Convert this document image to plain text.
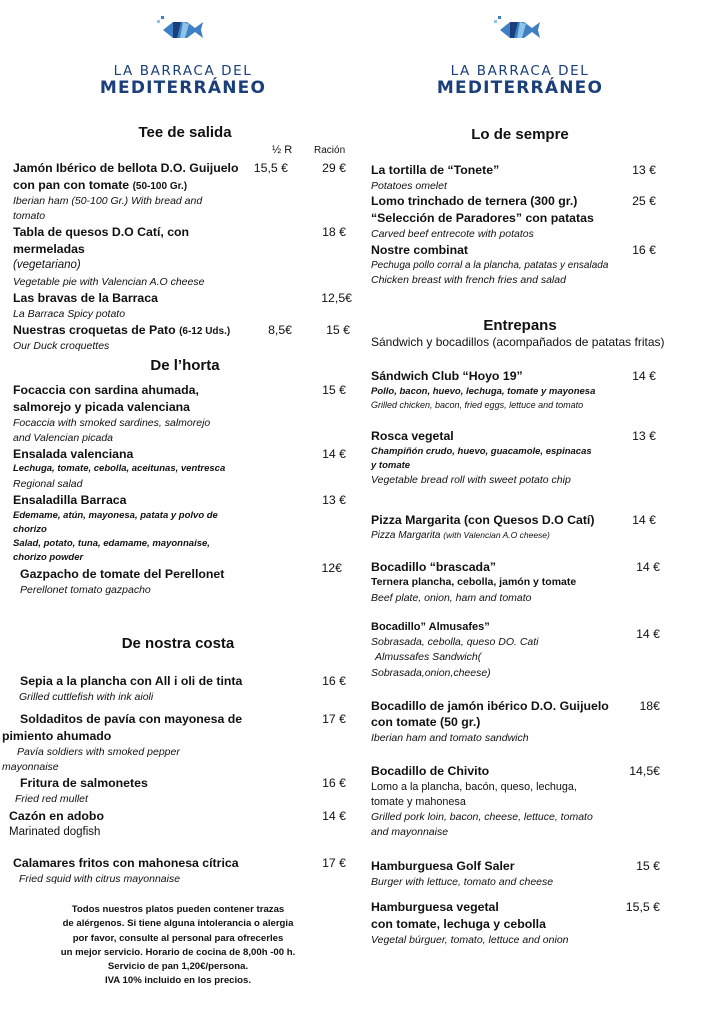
LA BARRACA DEL
MEDITERRÁNEO
LA BARRACA DEL
MEDITERRÁNEO
Tee de salida
½ R Ración
Jamón Ibérico de bellota D.O. Guijuelo
con pan con tomate (50-100 Gr.)
Iberian ham (50-100 Gr.) With bread and
tomato
15,5 €	29 €
Tabla de quesos D.O Catí, con
mermeladas
(vegetariano)
Vegetable pie with Valencian A.O cheese
18 €
Las bravas de la Barraca
La Barraca Spicy potato
12,5€
Nuestras croquetas de Pato (6-12 Uds.)
Our Duck croquettes
8,5€	15 €
De l’horta
Focaccia con sardina ahumada,
salmorejo y picada valenciana
Focaccia with smoked sardines, salmorejo
and Valencian picada
15 €
Ensalada valenciana
Lechuga, tomate, cebolla, aceitunas, ventresca
Regional salad
14 €
Ensaladilla Barraca
Edemame, atún, mayonesa, patata y polvo de
chorizo
Salad, potato, tuna, edamame, mayonnaise,
chorizo powder
13 €
Gazpacho de tomate del Perellonet
Perellonet tomato gazpacho
12€
De nostra costa
Sepia a la plancha con All i oli de tinta
Grilled cuttlefish with ink aioli
16 €
Soldaditos de pavía con mayonesa de
pimiento ahumado
Pavía soldiers with smoked pepper
mayonnaise
17 €
Fritura de salmonetes
Fried red mullet
16 €
Cazón en adobo
Marinated dogfish
14 €
Calamares fritos con mahonesa cítrica
Fried squid with citrus mayonnaise
17 €
Todos nuestros platos pueden contener trazas
de alérgenos. Si tiene alguna intolerancia o alergia
por favor, consulte al personal para ofrecerles
un mejor servicio. Horario de cocina de 8,00h -00 h.
Servicio de pan 1,20€/persona.
IVA 10% incluido en los precios.
Lo de sempre
La tortilla de “Tonete”
Potatoes omelet
13 €
Lomo trinchado de ternera (300 gr.)
“Selección de Paradores” con patatas
Carved beef entrecote with potatos
25 €
Nostre combinat
Pechuga pollo corral a la plancha, patatas y ensalada
Chicken breast with french fries and salad
16 €
Entrepans
Sándwich y bocadillos (acompañados de patatas fritas)
Sándwich Club “Hoyo 19”
Pollo, bacon, huevo, lechuga, tomate y mayonesa
Grilled chicken, bacon, fried eggs, lettuce and tomato
14 €
Rosca vegetal
Champiñón crudo, huevo, guacamole, espinacas
y tomate
Vegetable bread roll with sweet potato chip
13 €
Pizza Margarita (con Quesos D.O Catí)
Pizza Margarita (with Valencian A.O cheese)
14 €
Bocadillo “brascada”
Ternera plancha, cebolla, jamón y tomate
Beef plate, onion, ham and tomato
14 €
Bocadillo” Almusafes”
Sobrasada, cebolla, queso DO. Cati
Almussafes Sandwich(
Sobrasada,onion,cheese)
14 €
Bocadillo de jamón ibérico D.O. Guijuelo
con tomate (50 gr.)
Iberian ham and tomato sandwich
18€
Bocadillo de Chivito
Lomo a la plancha, bacón, queso, lechuga,
tomate y mahonesa
Grilled pork loin, bacon, cheese, lettuce, tomato
and mayonnaise
14,5€
Hamburguesa Golf Saler
Burger with lettuce, tomato and cheese
15 €
Hamburguesa vegetal
con tomate, lechuga y cebolla
Vegetal búrguer, tomato, lettuce and onion
15,5 €
